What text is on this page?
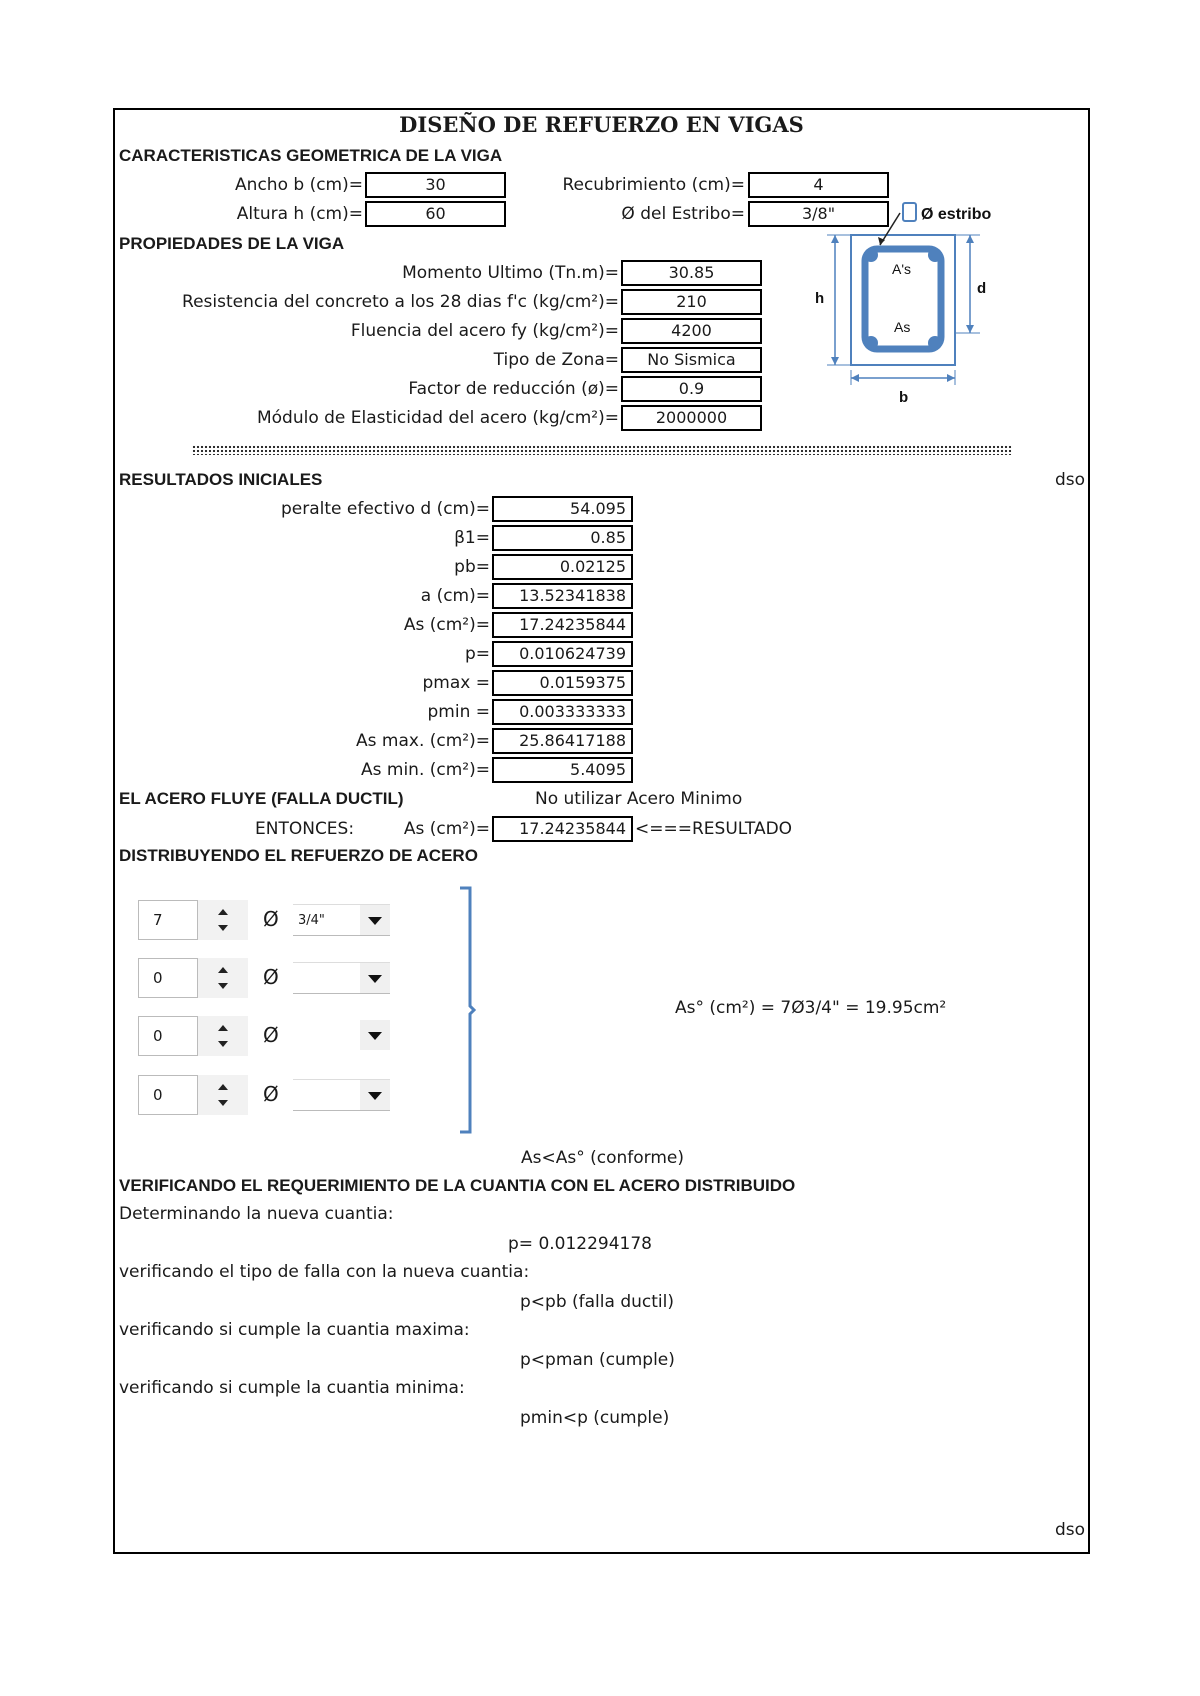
DISEÑO DE REFUERZO EN VIGAS
CARACTERISTICAS GEOMETRICA DE LA VIGA
Ancho b (cm)=	30
Altura h (cm)=	60
Recubrimiento (cm)=	4
Ø del Estribo=	3/8"
PROPIEDADES DE LA VIGA
Momento Ultimo (Tn.m)=	30.85
Resistencia del concreto a los 28 dias f'c (kg/cm²)=	210
Fluencia del acero fy (kg/cm²)=	4200
Tipo de Zona=	No Sismica
Factor de reducción (ø)=	0.9
Módulo de Elasticidad del acero (kg/cm²)=	2000000
Ø estribo
A's
As
h
d
b
RESULTADOS INICIALES	dso
peralte efectivo d (cm)=	54.095
β1=	0.85
pb=	0.02125
a (cm)=	13.52341838
As (cm²)=	17.24235844
p=	0.010624739
pmax =	0.0159375
pmin =	0.003333333
As max. (cm²)=	25.86417188
As min. (cm²)=	5.4095
EL ACERO FLUYE (FALLA DUCTIL)	No utilizar Acero Minimo
ENTONCES:	As (cm²)=	17.24235844 <===RESULTADO
DISTRIBUYENDO EL REFUERZO DE ACERO
7	Ø	3/4"
0	Ø
0	Ø
0	Ø
As° (cm²) = 7Ø3/4" = 19.95cm²
As<As° (conforme)
VERIFICANDO EL REQUERIMIENTO DE LA CUANTIA CON EL ACERO DISTRIBUIDO
Determinando la nueva cuantia:
p= 0.012294178
verificando el tipo de falla con la nueva cuantia:
p<pb (falla ductil)
verificando si cumple la cuantia maxima:
p<pman (cumple)
verificando si cumple la cuantia minima:
pmin<p (cumple)
dso
